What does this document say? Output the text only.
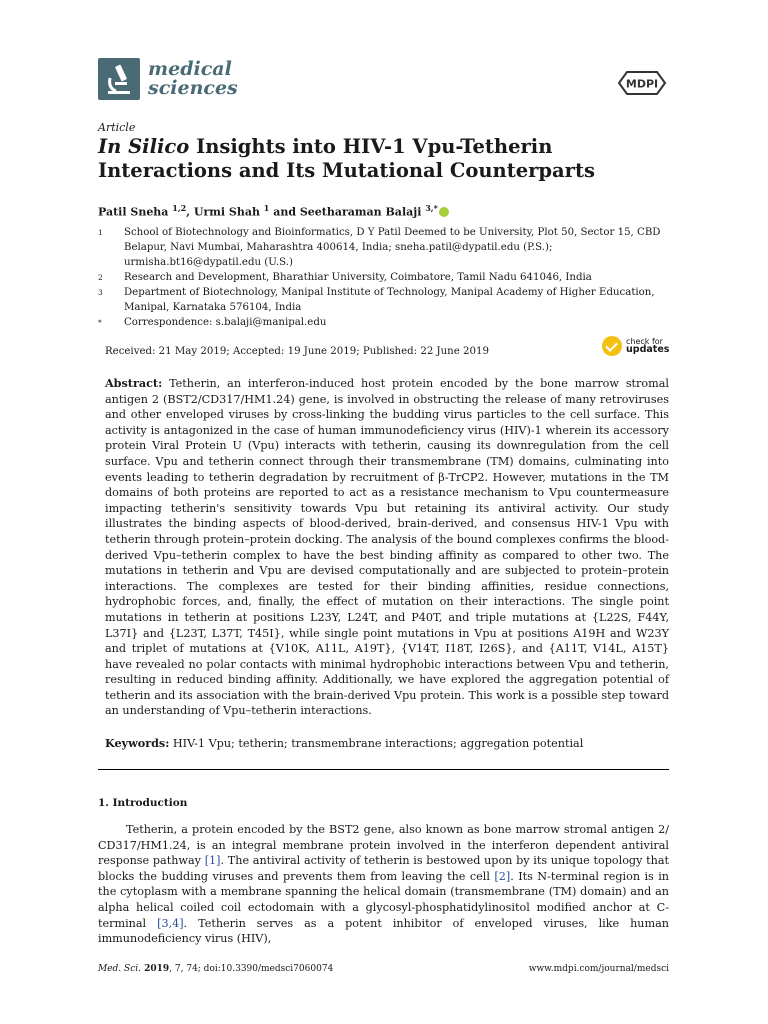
medical
sciences	MDPI
Article
In Silico Insights into HIV-1 Vpu-Tetherin Interactions and Its Mutational Counterparts
Patil Sneha $^{1,2}$, Urmi Shah $^1$ and Seetharaman Balaji $^{3,*}$
1	School of Biotechnology and Bioinformatics, D Y Patil Deemed to be University, Plot 50, Sector 15, CBD Belapur, Navi Mumbai, Maharashtra 400614, India; sneha.patil@dypatil.edu (P.S.); urmisha.bt16@dypatil.edu (U.S.)
2	Research and Development, Bharathiar University, Coimbatore, Tamil Nadu 641046, India
3	Department of Biotechnology, Manipal Institute of Technology, Manipal Academy of Higher Education, Manipal, Karnataka 576104, India
*	Correspondence: s.balaji@manipal.edu
Received: 21 May 2019; Accepted: 19 June 2019; Published: 22 June 2019
check for
updates

Abstract: Tetherin, an interferon-induced host protein encoded by the bone marrow stromal antigen 2 (BST2/CD317/HM1.24) gene, is involved in obstructing the release of many retroviruses and other enveloped viruses by cross-linking the budding virus particles to the cell surface. This activity is antagonized in the case of human immunodeficiency virus (HIV)-1 wherein its accessory protein Viral Protein U (Vpu) interacts with tetherin, causing its downregulation from the cell surface. Vpu and tetherin connect through their transmembrane (TM) domains, culminating into events leading to tetherin degradation by recruitment of β-TrCP2. However, mutations in the TM domains of both proteins are reported to act as a resistance mechanism to Vpu countermeasure impacting tetherin's sensitivity towards Vpu but retaining its antiviral activity. Our study illustrates the binding aspects of blood-derived, brain-derived, and consensus HIV-1 Vpu with tetherin through protein–protein docking. The analysis of the bound complexes confirms the blood-derived Vpu–tetherin complex to have the best binding affinity as compared to other two. The mutations in tetherin and Vpu are devised computationally and are subjected to protein–protein interactions. The complexes are tested for their binding affinities, residue connections, hydrophobic forces, and, finally, the effect of mutation on their interactions. The single point mutations in tetherin at positions L23Y, L24T, and P40T, and triple mutations at {L22S, F44Y, L37I} and {L23T, L37T, T45I}, while single point mutations in Vpu at positions A19H and W23Y and triplet of mutations at {V10K, A11L, A19T}, {V14T, I18T, I26S}, and {A11T, V14L, A15T} have revealed no polar contacts with minimal hydrophobic interactions between Vpu and tetherin, resulting in reduced binding affinity. Additionally, we have explored the aggregation potential of tetherin and its association with the brain-derived Vpu protein. This work is a possible step toward an understanding of Vpu–tetherin interactions.

Keywords: HIV-1 Vpu; tetherin; transmembrane interactions; aggregation potential
1. Introduction

Tetherin, a protein encoded by the BST2 gene, also known as bone marrow stromal antigen 2/ CD317/HM1.24, is an integral membrane protein involved in the interferon dependent antiviral response pathway [1]. The antiviral activity of tetherin is bestowed upon by its unique topology that blocks the budding viruses and prevents them from leaving the cell [2]. Its N-terminal region is in the cytoplasm with a membrane spanning the helical domain (transmembrane (TM) domain) and an alpha helical coiled coil ectodomain with a glycosyl-phosphatidylinositol modified anchor at C-terminal [3,4]. Tetherin serves as a potent inhibitor of enveloped viruses, like human immunodeficiency virus (HIV),

Med. Sci. 2019, 7, 74; doi:10.3390/medsci7060074	www.mdpi.com/journal/medsci
